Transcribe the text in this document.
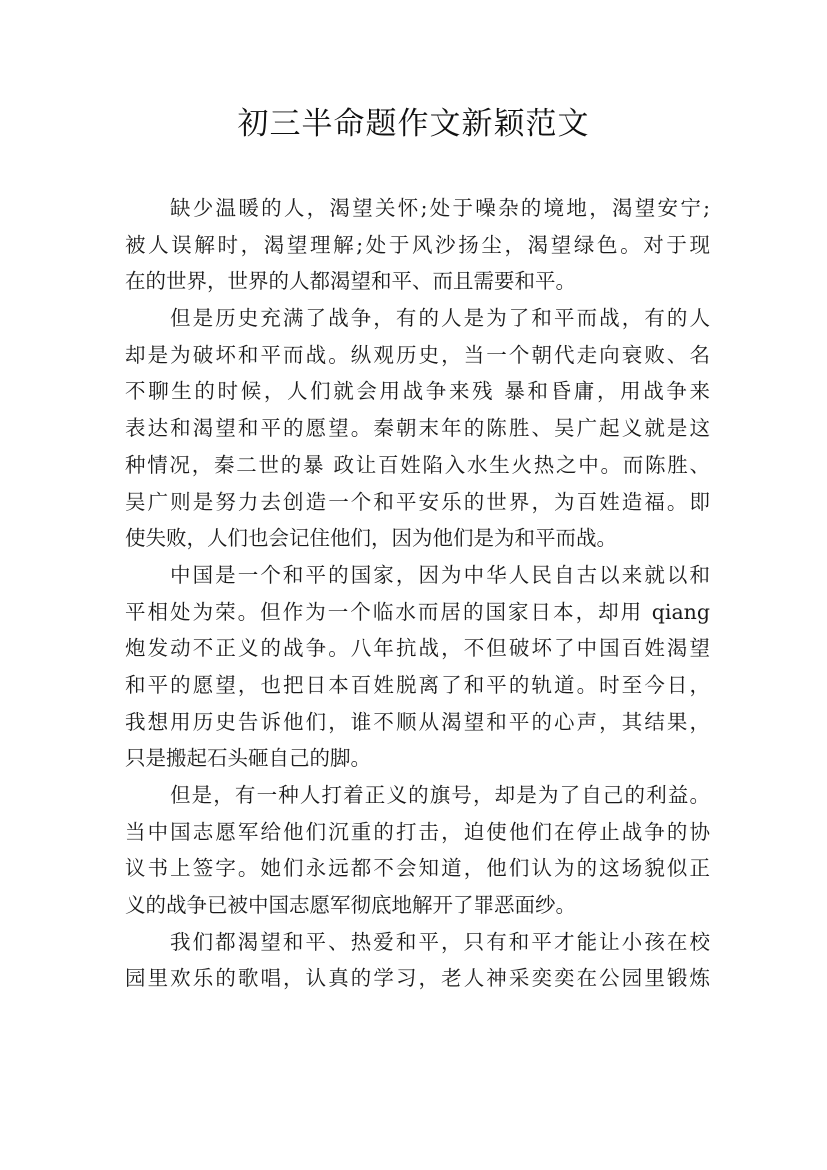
初三半命题作文新颖范文
缺少温暖的人，渴望关怀;处于噪杂的境地，渴望安宁;
被人误解时，渴望理解;处于风沙扬尘，渴望绿色。对于现
在的世界，世界的人都渴望和平、而且需要和平。
但是历史充满了战争，有的人是为了和平而战，有的人
却是为破坏和平而战。纵观历史，当一个朝代走向衰败、名
不聊生的时候，人们就会用战争来残 暴和昏庸，用战争来
表达和渴望和平的愿望。秦朝末年的陈胜、吴广起义就是这
种情况，秦二世的暴 政让百姓陷入水生火热之中。而陈胜、
吴广则是努力去创造一个和平安乐的世界，为百姓造福。即
使失败，人们也会记住他们，因为他们是为和平而战。
中国是一个和平的国家，因为中华人民自古以来就以和
平相处为荣。但作为一个临水而居的国家日本，却用 qiang
炮发动不正义的战争。八年抗战，不但破坏了中国百姓渴望
和平的愿望，也把日本百姓脱离了和平的轨道。时至今日，
我想用历史告诉他们，谁不顺从渴望和平的心声，其结果，
只是搬起石头砸自己的脚。
但是，有一种人打着正义的旗号，却是为了自己的利益。
当中国志愿军给他们沉重的打击，迫使他们在停止战争的协
议书上签字。她们永远都不会知道，他们认为的这场貌似正
义的战争已被中国志愿军彻底地解开了罪恶面纱。
我们都渴望和平、热爱和平，只有和平才能让小孩在校
园里欢乐的歌唱，认真的学习，老人神采奕奕在公园里锻炼
